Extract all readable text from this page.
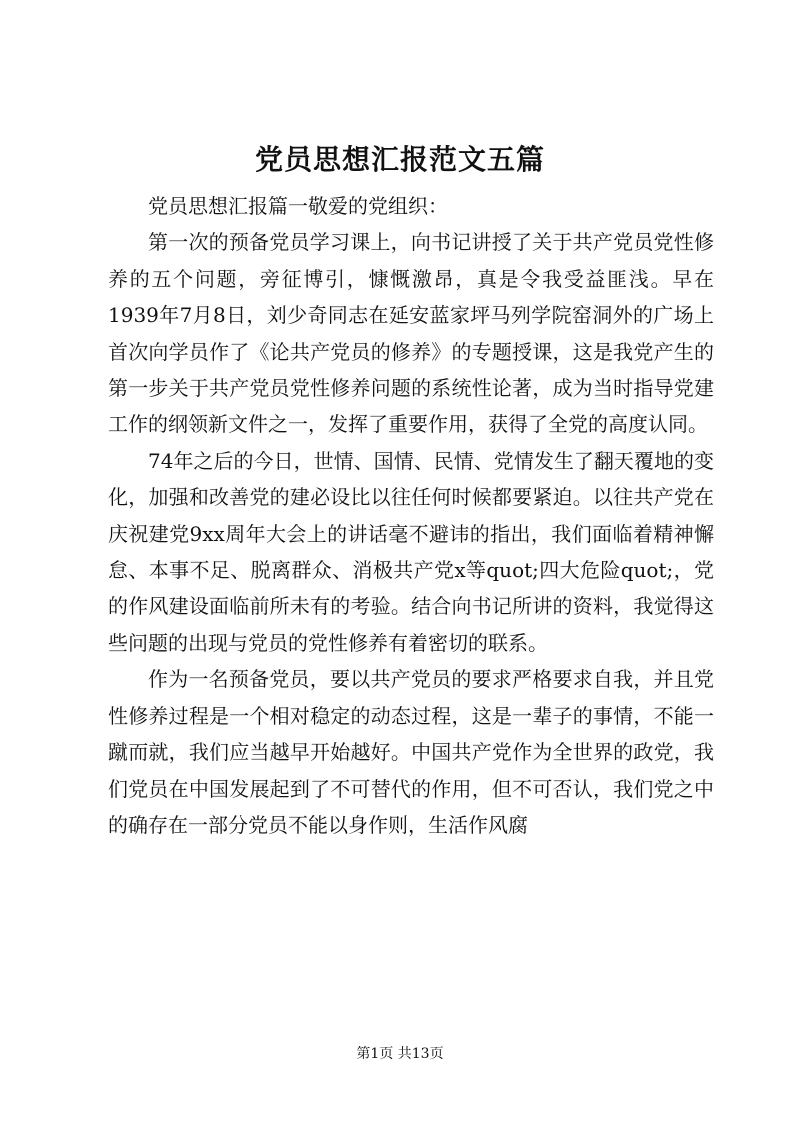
党员思想汇报范文五篇

党员思想汇报篇一敬爱的党组织：

第一次的预备党员学习课上，向书记讲授了关于共产党员党性修养的五个问题，旁征博引，慷慨激昂，真是令我受益匪浅。早在1939年7月8日，刘少奇同志在延安蓝家坪马列学院窑洞外的广场上首次向学员作了《论共产党员的修养》的专题授课，这是我党产生的第一步关于共产党员党性修养问题的系统性论著，成为当时指导党建工作的纲领新文件之一，发挥了重要作用，获得了全党的高度认同。

74年之后的今日，世情、国情、民情、党情发生了翻天覆地的变化，加强和改善党的建必设比以往任何时候都要紧迫。以往共产党在庆祝建党9xx周年大会上的讲话毫不避讳的指出，我们面临着精神懈怠、本事不足、脱离群众、消极共产党x等quot;四大危险quot;，党的作风建设面临前所未有的考验。结合向书记所讲的资料，我觉得这些问题的出现与党员的党性修养有着密切的联系。

作为一名预备党员，要以共产党员的要求严格要求自我，并且党性修养过程是一个相对稳定的动态过程，这是一辈子的事情，不能一蹴而就，我们应当越早开始越好。中国共产党作为全世界的政党，我们党员在中国发展起到了不可替代的作用，但不可否认，我们党之中的确存在一部分党员不能以身作则，生活作风腐

第1页 共13页
